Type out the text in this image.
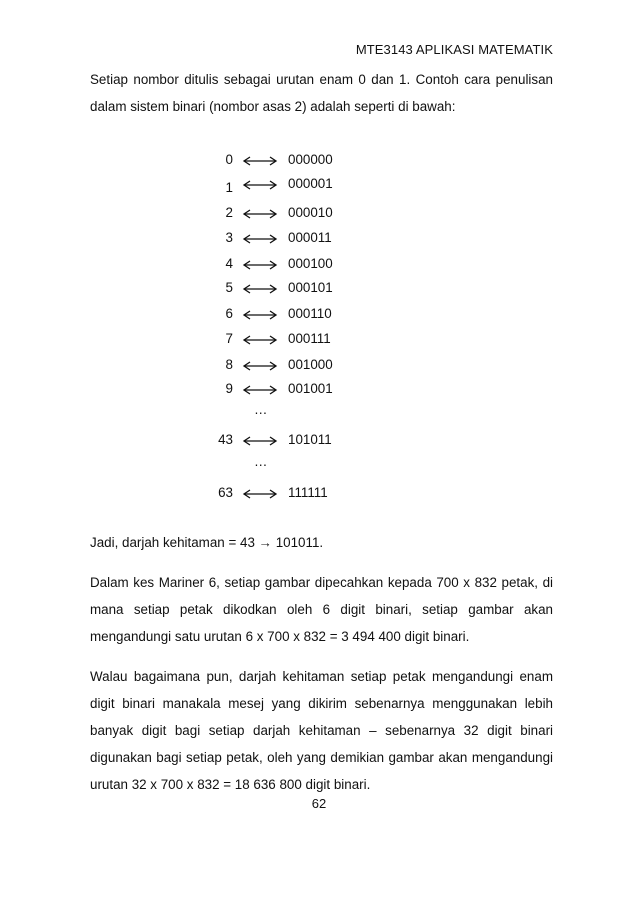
MTE3143 APLIKASI MATEMATIK

Setiap nombor ditulis sebagai urutan enam 0 dan 1. Contoh cara penulisan dalam sistem binari (nombor asas 2) adalah seperti di bawah:

0	000000
1	000001
2	000010
3	000011
4	000100
5	000101
6	000110
7	000111
8	001000
9	001001
…
43	101011
…
63	111111

Jadi, darjah kehitaman = 43 → 101011.

Dalam kes Mariner 6, setiap gambar dipecahkan kepada 700 x 832 petak, di mana setiap petak dikodkan oleh 6 digit binari, setiap gambar akan mengandungi satu urutan 6 x 700 x 832 = 3 494 400 digit binari.

Walau bagaimana pun, darjah kehitaman setiap petak mengandungi enam digit binari manakala mesej yang dikirim sebenarnya menggunakan lebih banyak digit bagi setiap darjah kehitaman – sebenarnya 32 digit binari digunakan bagi setiap petak, oleh yang demikian gambar akan mengandungi urutan 32 x 700 x 832 = 18 636 800 digit binari.

62
